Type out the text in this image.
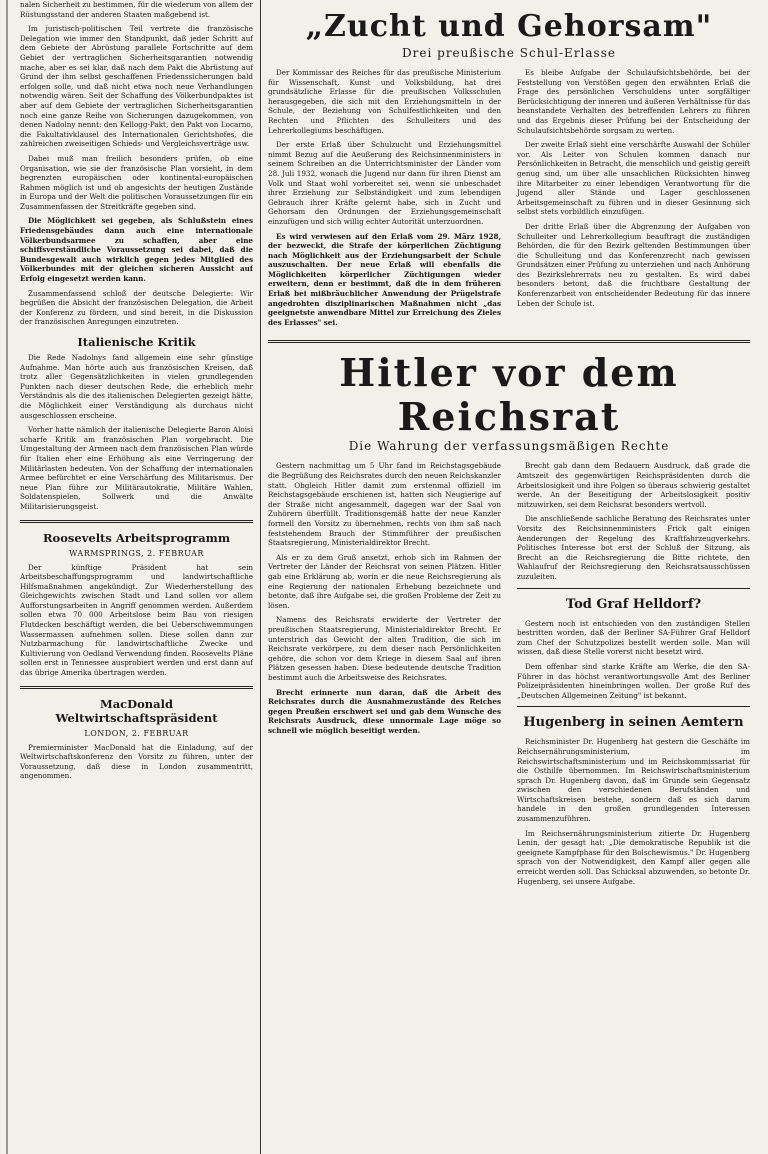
nalen Sicherheit zu bestimmen, für die wiederum von allem der Rüstungsstand der anderen Staaten maßgebend ist.

Im juristisch-politischen Teil vertrete die französische Delegation wie immer den Standpunkt, daß jeder Schritt auf dem Gebiete der Abrüstung parallele Fortschritte auf dem Gebiet der vertraglichen Sicherheitsgarantien notwendig mache, aber es sei klar, daß nach dem Pakt die Abrüstung auf Grund der ihm selbst geschaffenen Friedenssicherungen bald erfolgen solle, und daß nicht etwa noch neue Verhandlungen notwendig wären. Seit der Schaffung des Völkerbundpaktes ist aber auf dem Gebiete der vertraglichen Sicherheitsgarantien noch eine ganze Reihe von Sicherungen dazugekommen, von denen Nadolny nennt: den Kellogg-Pakt, den Pakt von Locarno, die Fakultativklausel des Internationalen Gerichtshofes, die zahlreichen zweiseitigen Schieds- und Vergleichsverträge usw.

Dabei muß man freilich besonders prüfen, ob eine Organisation, wie sie der französische Plan vorsieht, in dem begrenzten europäischen oder kontinental-europäischen Rahmen möglich ist und ob angesichts der heutigen Zustände in Europa und der Welt die politischen Voraussetzungen für ein Zusammenfassen der Streitkräfte gegeben sind.

Die Möglichkeit sei gegeben, als Schlußstein eines Friedensgebäudes dann auch eine internationale Völkerbundsarmee zu schaffen, aber eine schiffsverständliche Voraussetzung sei dabei, daß die Bundesgewalt auch wirklich gegen jedes Mitglied des Völkerbundes mit der gleichen sicheren Aussicht auf Erfolg eingesetzt werden kann.

Zusammenfassend schloß der deutsche Delegierte: Wir begrüßen die Absicht der französischen Delegation, die Arbeit der Konferenz zu fördern, und sind bereit, in die Diskussion der französischen Anregungen einzutreten.

Italienische Kritik

Die Rede Nadolnys fand allgemein eine sehr günstige Aufnahme. Man hörte auch aus französischen Kreisen, daß trotz aller Gegensätzlichkeiten in vielen grundlegenden Punkten nach dieser deutschen Rede, die erheblich mehr Verständnis als die des italienischen Delegierten gezeigt hätte, die Möglichkeit einer Verständigung als durchaus nicht ausgeschlossen erscheine.

Vorher hatte nämlich der italienische Delegierte Baron Aloisi scharfe Kritik am französischen Plan vorgebracht. Die Umgestaltung der Armeen nach dem französischen Plan würde für Italien eher eine Erhöhung als eine Verringerung der Militärlasten bedeuten. Von der Schaffung der internationalen Armee befürchtet er eine Verschärfung des Militarismus. Der neue Plan führe zur Militärautokratie, Militäre Wahlen, Soldatenspielen, Sollwerk und die Anwälte Militarisierungsgeist.

Roosevelts Arbeitsprogramm
WARMSPRINGS, 2. FEBRUAR

Der künftige Präsident hat sein Arbeitsbeschaffungsprogramm und landwirtschaftliche Hilfsmaßnahmen angekündigt. Zur Wiederherstellung des Gleichgewichts zwischen Stadt und Land sollen vor allem Aufforstungsarbeiten in Angriff genommen werden. Außerdem sollen etwa 70 000 Arbeitslose beim Bau von riesigen Flutdecken beschäftigt werden, die bei Ueberschwemmungen Wassermassen aufnehmen sollen. Diese sollen dann zur Nutzbarmachung für landwirtschaftliche Zwecke und Kultivierung von Oedland Verwendung finden. Roosevelts Pläne sollen erst in Tennessee ausprobiert werden und erst dann auf das übrige Amerika übertragen werden.

MacDonald Weltwirtschaftspräsident
LONDON, 2. FEBRUAR

Premierminister MacDonald hat die Einladung, auf der Weltwirtschaftskonferenz den Vorsitz zu führen, unter der Voraussetzung, daß diese in London zusammentritt, angenommen.

„Zucht und Gehorsam"
Drei preußische Schul-Erlasse

Der Kommissar des Reiches für das preußische Ministerium für Wissenschaft, Kunst und Volksbildung, hat drei grundsätzliche Erlasse für die preußischen Volksschulen herausgegeben, die sich mit den Erziehungsmitteln in der Schule, der Beziehung von Schulfestlichkeiten und den Rechten und Pflichten des Schulleiters und des Lehrerkollegiums beschäftigen.

Der erste Erlaß über Schulzucht und Erziehungsmittel nimmt Bezug auf die Aeußerung des Reichsinnenministers in seinem Schreiben an die Unterrichtsminister der Länder vom 28. Juli 1932, wonach die Jugend nur dann für ihren Dienst am Volk und Staat wohl vorbereitet sei, wenn sie unbeschadet ihrer Erziehung zur Selbständigkeit und zum lebendigen Gebrauch ihrer Kräfte gelernt habe, sich in Zucht und Gehorsam den Ordnungen der Erziehungsgemeinschaft einzufügen und sich willig echter Autorität unterzuordnen.

Es wird verwiesen auf den Erlaß vom 29. März 1928, der bezweckt, die Strafe der körperlichen Züchtigung nach Möglichkeit aus der Erziehungsarbeit der Schule auszuschalten. Der neue Erlaß will ebenfalls die Möglichkeiten körperlicher Züchtigungen wieder erweitern, denn er bestimmt, daß die in dem früheren Erlaß bei mißbräuchlicher Anwendung der Prügelstrafe angedrohten disziplinarischen Maßnahmen nicht „das geeignetste anwendbare Mittel zur Erreichung des Zieles des Erlasses" sei.

Es bleibe Aufgabe der Schulaufsichtsbehörde, bei der Feststellung von Verstößen gegen den erwähnten Erlaß die Frage des persönlichen Verschuldens unter sorgfältiger Berücksichtigung der inneren und äußeren Verhältnisse für das beanstandete Verhalten des betreffenden Lehrers zu führen und das Ergebnis dieser Prüfung bei der Entscheidung der Schulaufsichtsbehörde sorgsam zu werten.

Der zweite Erlaß sieht eine verschärfte Auswahl der Schüler vor. Als Leiter von Schulen kommen danach nur Persönlichkeiten in Betracht, die menschlich und geistig gereift genug sind, um über alle unsachlichen Rücksichten hinweg ihre Mitarbeiter zu einer lebendigen Verantwortung für die Jugend aller Stände und Lager geschlossenen Arbeitsgemeinschaft zu führen und in dieser Gesinnung sich selbst stets vorbildlich einzufügen.

Der dritte Erlaß über die Abgrenzung der Aufgaben von Schulleiter und Lehrerkollegium beauftragt die zuständigen Behörden, die für den Bezirk geltenden Bestimmungen über die Schulleitung und das Konferenzrecht nach gewissen Grundsätzen einer Prüfung zu unterziehen und nach Anhörung des Bezirkslehrerrats neu zu gestalten. Es wird dabei besonders betont, daß die fruchtbare Gestaltung der Konferenzarbeit von entscheidender Bedeutung für das innere Leben der Schule ist.

Hitler vor dem Reichsrat
Die Wahrung der verfassungsmäßigen Rechte

Gestern nachmittag um 5 Uhr fand im Reichstagsgebäude die Begrüßung des Reichsrates durch den neuen Reichskanzler statt. Obgleich Hitler damit zum erstenmal offiziell im Reichstagsgebäude erschienen ist, hatten sich Neugierige auf der Straße nicht angesammelt, dagegen war der Saal von Zuhörern überfüllt. Traditionsgemäß hatte der neue Kanzler formell den Vorsitz zu übernehmen, rechts von ihm saß nach feststehendem Brauch der Stimmführer der preußischen Staatsregierung, Ministerialdirektor Brecht.

Als er zu dem Gruß ansetzt, erhob sich im Rahmen der Vertreter der Länder der Reichsrat von seinen Plätzen. Hitler gab eine Erklärung ab, worin er die neue Reichsregierung als eine Regierung der nationalen Erhebung bezeichnete und betonte, daß ihre Aufgabe sei, die großen Probleme der Zeit zu lösen.

Namens des Reichsrats erwiderte der Vertreter der preußischen Staatsregierung, Ministerialdirektor Brecht. Er unterstrich das Gewicht der alten Tradition, die sich im Reichsrate verkörpere, zu dem dieser nach Persönlichkeiten gehöre, die schon vor dem Kriege in diesem Saal auf ihren Plätzen gesessen haben. Diese bedeutende deutsche Tradition bestimmt auch die Arbeitsweise des Reichsrates.

Brecht erinnerte nun daran, daß die Arbeit des Reichsrates durch die Ausnahmezustände des Reiches gegen Preußen erschwert sei und gab dem Wunsche des Reichsrats Ausdruck, diese unnormale Lage möge so schnell wie möglich beseitigt werden.

Brecht gab dann dem Bedauern Ausdruck, daß grade die Amtszeit des gegenwärtigen Reichspräsidenten durch die Arbeitslosigkeit und ihre Folgen so überaus schwierig gestaltet werde. An der Beseitigung der Arbeitslosigkeit positiv mitzuwirken, sei dem Reichsrat besonders wertvoll.

Die anschließende sachliche Beratung des Reichsrates unter Vorsitz des Reichsinnenministers Frick galt einigen Aenderungen der Regelung des Kraftfahrzeugverkehrs. Politisches Interesse bot erst der Schluß der Sitzung, als Brecht an die Reichsregierung die Bitte richtete, den Wahlaufruf der Reichsregierung den Reichsratsausschüssen zuzuleiten.

Tod Graf Helldorf?

Gestern noch ist entschieden von den zuständigen Stellen bestritten worden, daß der Berliner SA-Führer Graf Helldorf zum Chef der Schutzpolizei bestellt werden solle. Man will wissen, daß diese Stelle vorerst nicht besetzt wird.

Dem offenbar sind starke Kräfte am Werke, die den SA-Führer in das höchst verantwortungsvolle Amt des Berliner Polizeipräsidenten hineinbringen wollen. Der große Ruf des „Deutschen Allgemeinen Zeitung" ist bekannt.

Hugenberg in seinen Aemtern

Reichsminister Dr. Hugenberg hat gestern die Geschäfte im Reichsernährungsministerium, im Reichswirtschaftsministerium und im Reichskommissariat für die Osthilfe übernommen. Im Reichswirtschaftsministerium sprach Dr. Hugenberg davon, daß im Grunde sein Gegensatz zwischen den verschiedenen Berufständen und Wirtschaftskreisen bestehe, sondern daß es sich darum handele in den großen grundlegenden Interessen zusammenzuführen.

Im Reichsernährungsministerium zitierte Dr. Hugenberg Lenin, der gesagt hat: „Die demokratische Republik ist die geeignete Kampfphase für den Bolschewismus." Dr. Hugenberg sprach von der Notwendigkeit, den Kampf aller gegen alle erreicht werden soll. Das Schicksal abzuwenden, so betonte Dr. Hugenberg, sei unsere Aufgabe.
